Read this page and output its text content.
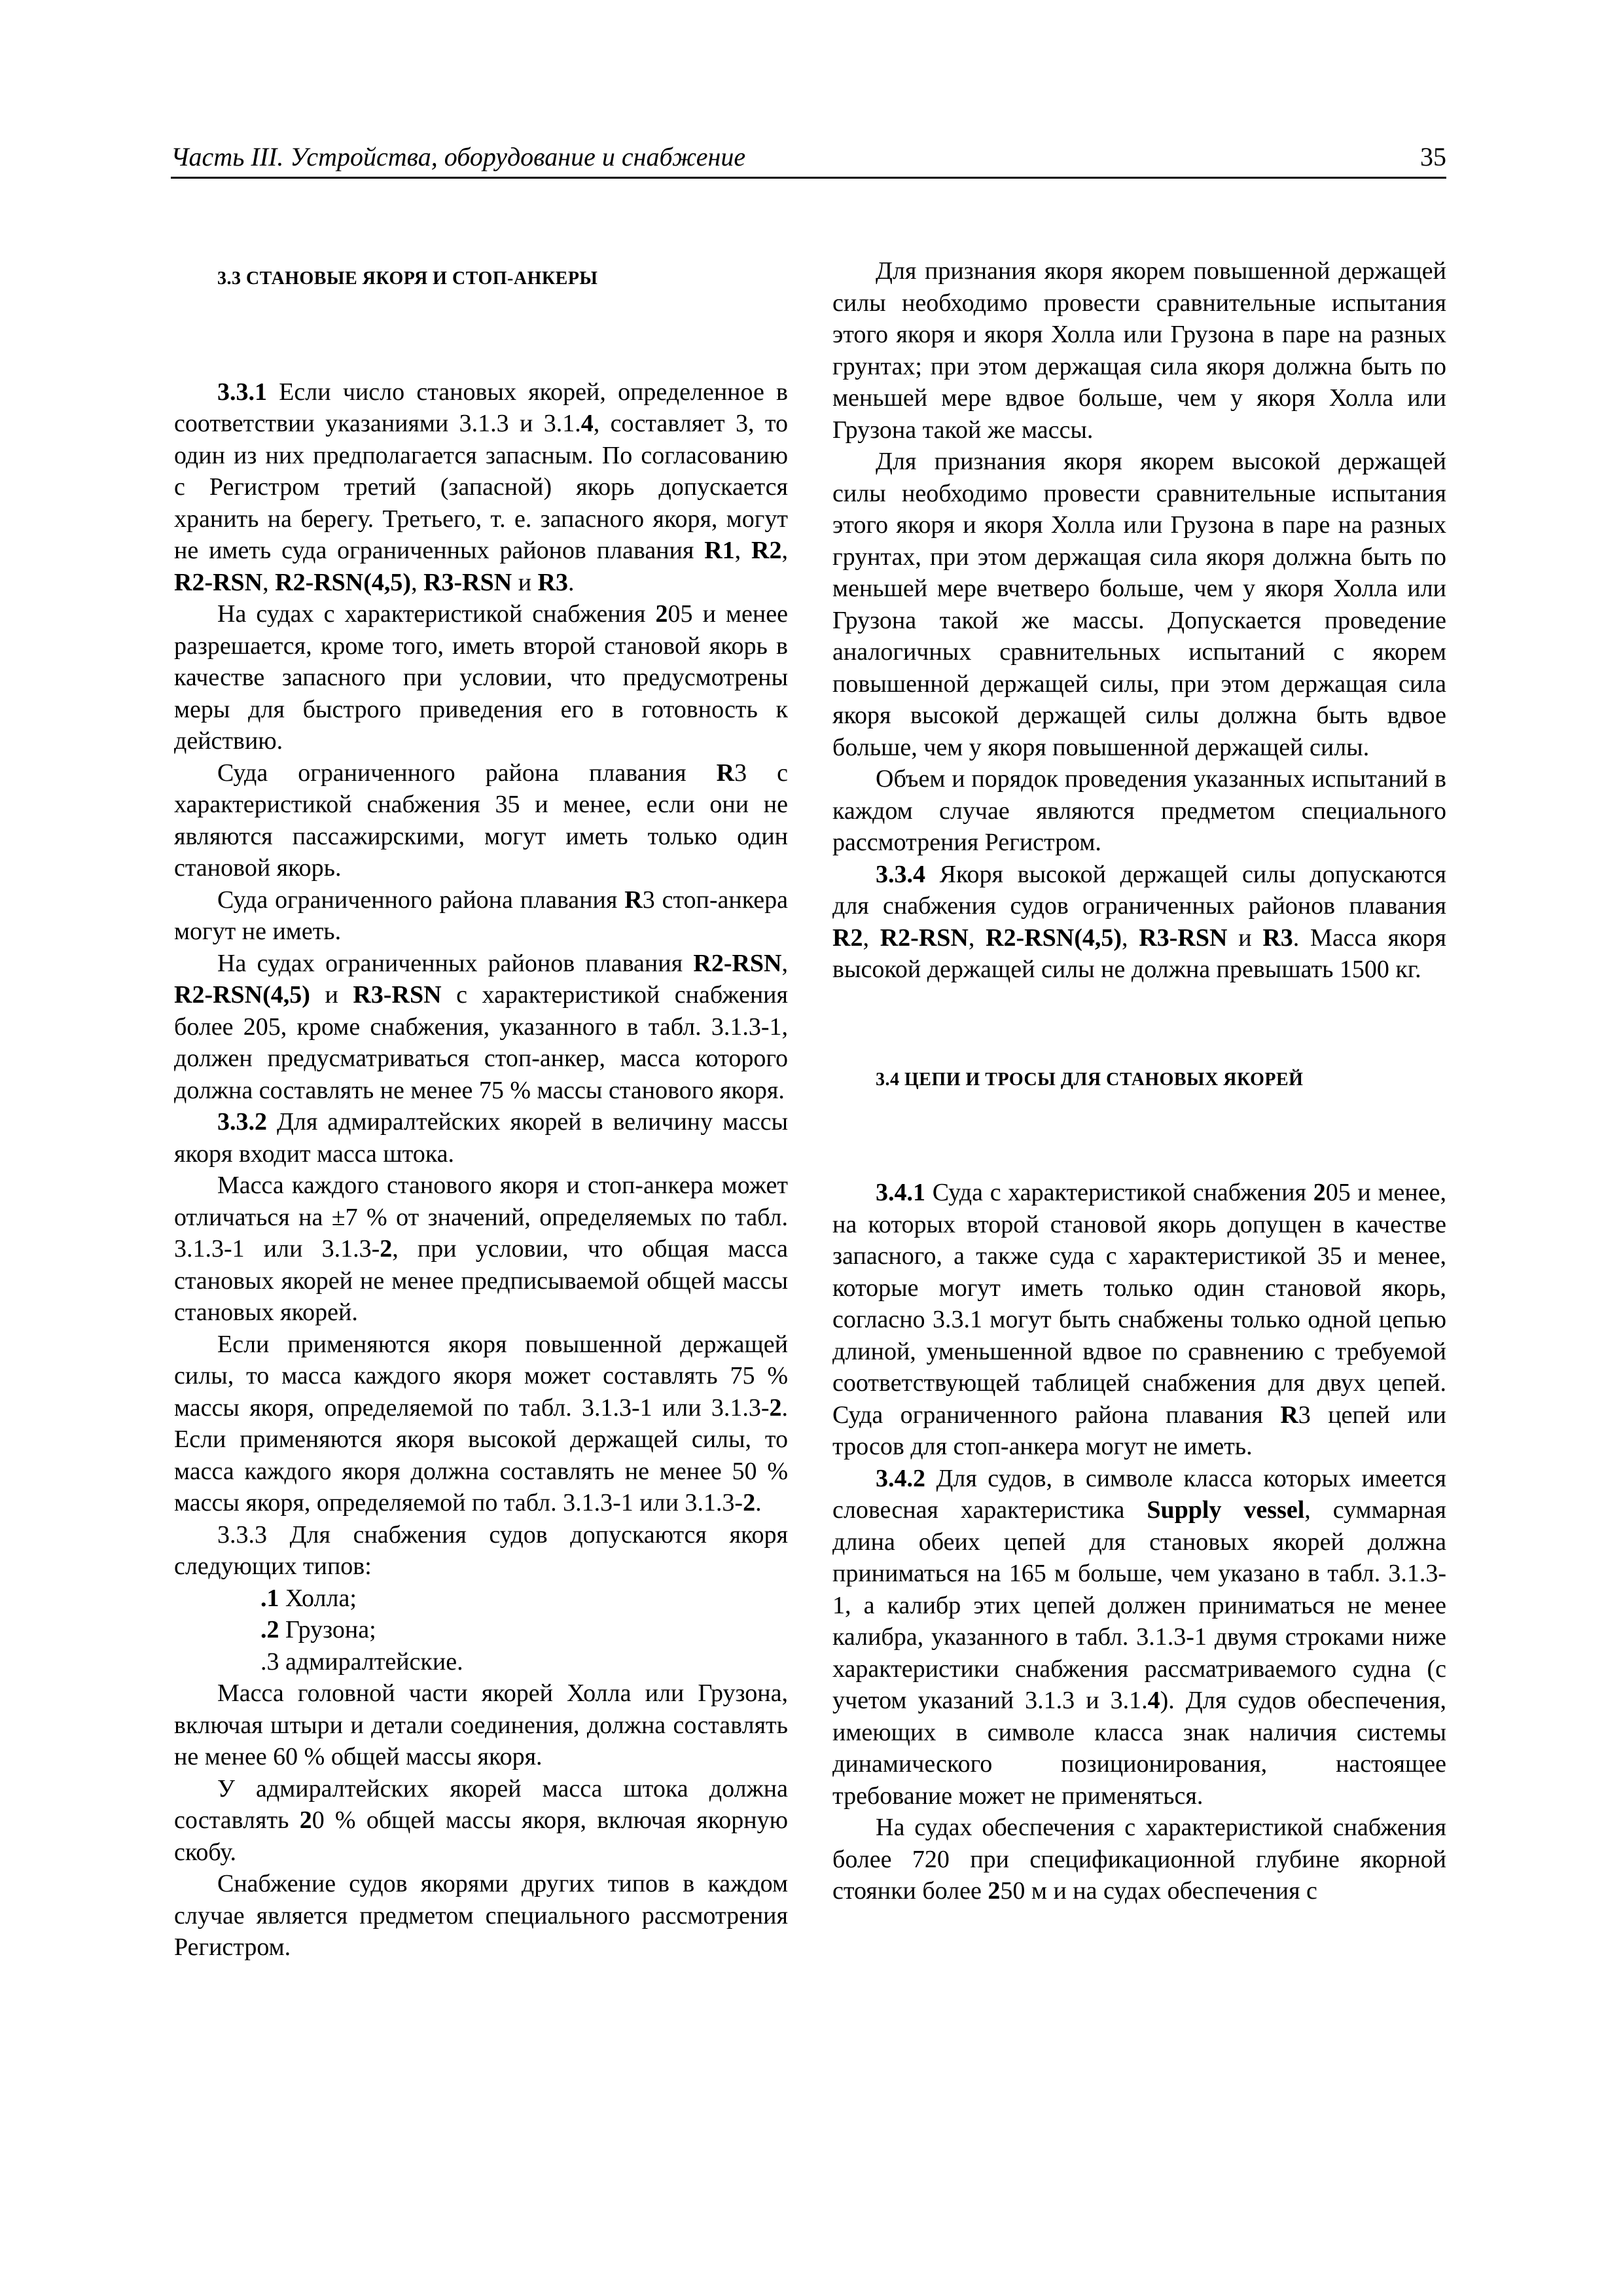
Часть III. Устройства, оборудование и снабжение	35

3.3 СТАНОВЫЕ ЯКОРЯ И СТОП-АНКЕРЫ

3.3.1 Если число становых якорей, определенное в соответствии указаниями 3.1.3 и 3.1.4, составляет 3, то один из них предполагается запасным. По согласованию с Регистром третий (запасной) якорь допускается хранить на берегу. Третьего, т. е. запасного якоря, могут не иметь суда ограниченных районов плавания R1, R2, R2-RSN, R2-RSN(4,5), R3-RSN и R3.

На судах с характеристикой снабжения 205 и менее разрешается, кроме того, иметь второй становой якорь в качестве запасного при условии, что предусмотрены меры для быстрого приведения его в готовность к действию.

Суда ограниченного района плавания R3 с характеристикой снабжения 35 и менее, если они не являются пассажирскими, могут иметь только один становой якорь.

Суда ограниченного района плавания R3 стоп-анкера могут не иметь.

На судах ограниченных районов плавания R2-RSN, R2-RSN(4,5) и R3-RSN с характеристикой снабжения более 205, кроме снабжения, указанного в табл. 3.1.3-1, должен предусматриваться стоп-анкер, масса которого должна составлять не менее 75 % массы станового якоря.

3.3.2 Для адмиралтейских якорей в величину массы якоря входит масса штока.

Масса каждого станового якоря и стоп-анкера может отличаться на ±7 % от значений, определяемых по табл. 3.1.3-1 или 3.1.3-2, при условии, что общая масса становых якорей не менее предписываемой общей массы становых якорей.

Если применяются якоря повышенной держащей силы, то масса каждого якоря может составлять 75 % массы якоря, определяемой по табл. 3.1.3-1 или 3.1.3-2. Если применяются якоря высокой держащей силы, то масса каждого якоря должна составлять не менее 50 % массы якоря, определяемой по табл. 3.1.3-1 или 3.1.3-2.

3.3.3 Для снабжения судов допускаются якоря следующих типов:

.1 Холла;

.2 Грузона;

.3 адмиралтейские.

Масса головной части якорей Холла или Грузона, включая штыри и детали соединения, должна составлять не менее 60 % общей массы якоря.

У адмиралтейских якорей масса штока должна составлять 20 % общей массы якоря, включая якорную скобу.

Снабжение судов якорями других типов в каждом случае является предметом специального рассмотрения Регистром.

Для признания якоря якорем повышенной держащей силы необходимо провести сравнительные испытания этого якоря и якоря Холла или Грузона в паре на разных грунтах; при этом держащая сила якоря должна быть по меньшей мере вдвое больше, чем у якоря Холла или Грузона такой же массы.

Для признания якоря якорем высокой держащей силы необходимо провести сравнительные испытания этого якоря и якоря Холла или Грузона в паре на разных грунтах, при этом держащая сила якоря должна быть по меньшей мере вчетверо больше, чем у якоря Холла или Грузона такой же массы. Допускается проведение аналогичных сравнительных испытаний с якорем повышенной держащей силы, при этом держащая сила якоря высокой держащей силы должна быть вдвое больше, чем у якоря повышенной держащей силы.

Объем и порядок проведения указанных испытаний в каждом случае являются предметом специального рассмотрения Регистром.

3.3.4 Якоря высокой держащей силы допускаются для снабжения судов ограниченных районов плавания R2, R2-RSN, R2-RSN(4,5), R3-RSN и R3. Масса якоря высокой держащей силы не должна превышать 1500 кг.

3.4 ЦЕПИ И ТРОСЫ ДЛЯ СТАНОВЫХ ЯКОРЕЙ

3.4.1 Суда с характеристикой снабжения 205 и менее, на которых второй становой якорь допущен в качестве запасного, а также суда с характеристикой 35 и менее, которые могут иметь только один становой якорь, согласно 3.3.1 могут быть снабжены только одной цепью длиной, уменьшенной вдвое по сравнению с требуемой соответствующей таблицей снабжения для двух цепей. Суда ограниченного района плавания R3 цепей или тросов для стоп-анкера могут не иметь.

3.4.2 Для судов, в символе класса которых имеется словесная характеристика Supply vessel, суммарная длина обеих цепей для становых якорей должна приниматься на 165 м больше, чем указано в табл. 3.1.3-1, а калибр этих цепей должен приниматься не менее калибра, указанного в табл. 3.1.3-1 двумя строками ниже характеристики снабжения рассматриваемого судна (с учетом указаний 3.1.3 и 3.1.4). Для судов обеспечения, имеющих в символе класса знак наличия системы динамического позиционирования, настоящее требование может не применяться.

На судах обеспечения с характеристикой снабжения более 720 при спецификационной глубине якорной стоянки более 250 м и на судах обеспечения с
